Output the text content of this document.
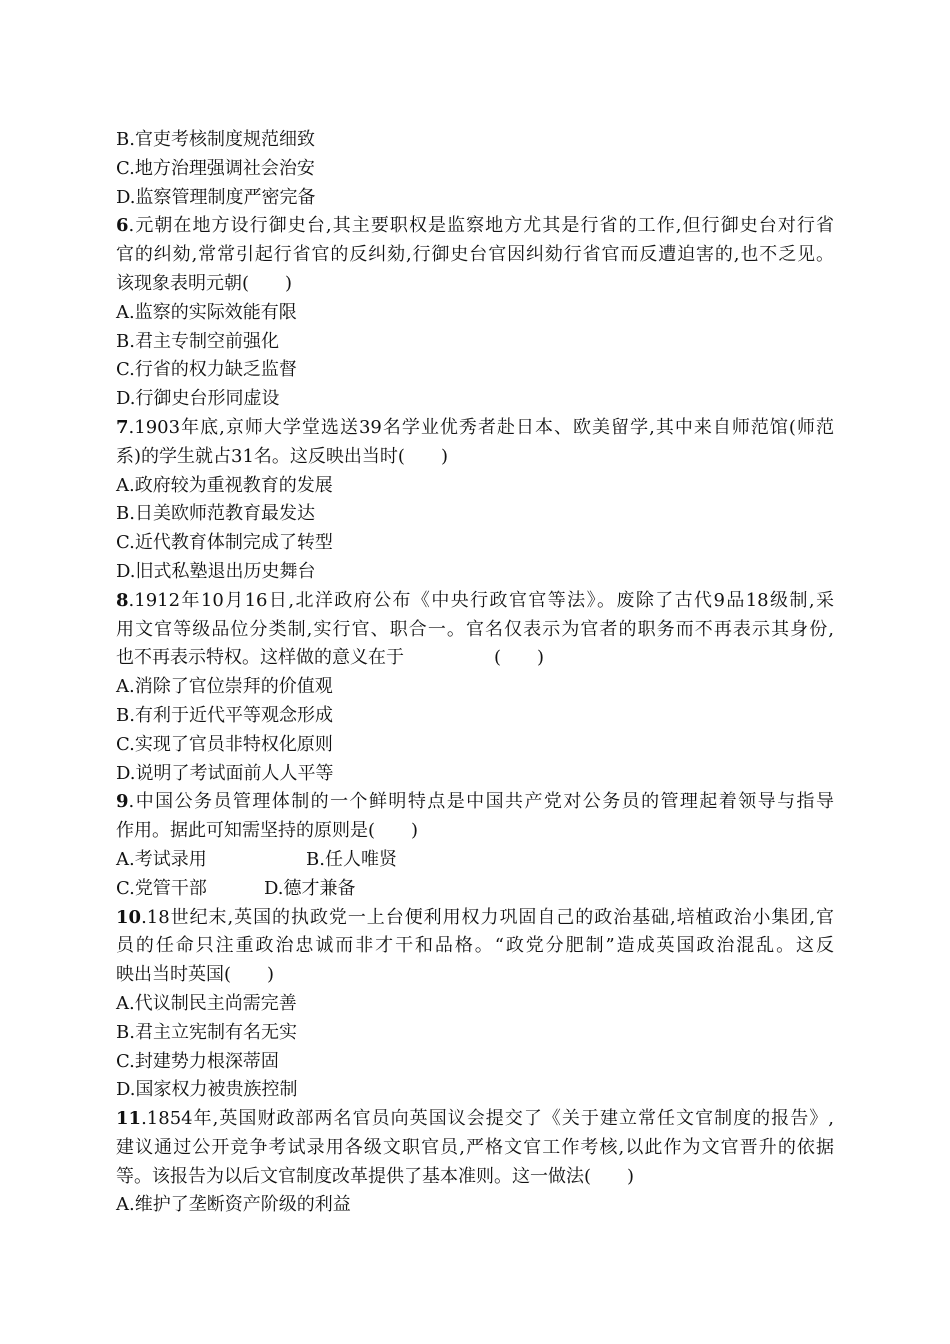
B.官吏考核制度规范细致
C.地方治理强调社会治安
D.监察管理制度严密完备
6.元朝在地方设行御史台,其主要职权是监察地方尤其是行省的工作,但行御史台对行省
官的纠劾,常常引起行省官的反纠劾,行御史台官因纠劾行省官而反遭迫害的,也不乏见。
该现象表明元朝(　　)
A.监察的实际效能有限
B.君主专制空前强化
C.行省的权力缺乏监督
D.行御史台形同虚设
7.1903年底,京师大学堂选送39名学业优秀者赴日本、欧美留学,其中来自师范馆(师范
系)的学生就占31名。这反映出当时(　　)
A.政府较为重视教育的发展
B.日美欧师范教育最发达
C.近代教育体制完成了转型
D.旧式私塾退出历史舞台
8.1912年10月16日,北洋政府公布《中央行政官官等法》。废除了古代9品18级制,采
用文官等级品位分类制,实行官、职合一。官名仅表示为官者的职务而不再表示其身份,
也不再表示特权。这样做的意义在于　　　　　(　　)
A.消除了官位崇拜的价值观
B.有利于近代平等观念形成
C.实现了官员非特权化原则
D.说明了考试面前人人平等
9.中国公务员管理体制的一个鲜明特点是中国共产党对公务员的管理起着领导与指导
作用。据此可知需坚持的原则是(　　)
A.考试录用	B.任人唯贤
C.党管干部	D.德才兼备
10.18世纪末,英国的执政党一上台便利用权力巩固自己的政治基础,培植政治小集团,官
员的任命只注重政治忠诚而非才干和品格。“政党分肥制”造成英国政治混乱。这反
映出当时英国(　　)
A.代议制民主尚需完善
B.君主立宪制有名无实
C.封建势力根深蒂固
D.国家权力被贵族控制
11.1854年,英国财政部两名官员向英国议会提交了《关于建立常任文官制度的报告》,
建议通过公开竞争考试录用各级文职官员,严格文官工作考核,以此作为文官晋升的依据
等。该报告为以后文官制度改革提供了基本准则。这一做法(　　)
A.维护了垄断资产阶级的利益
